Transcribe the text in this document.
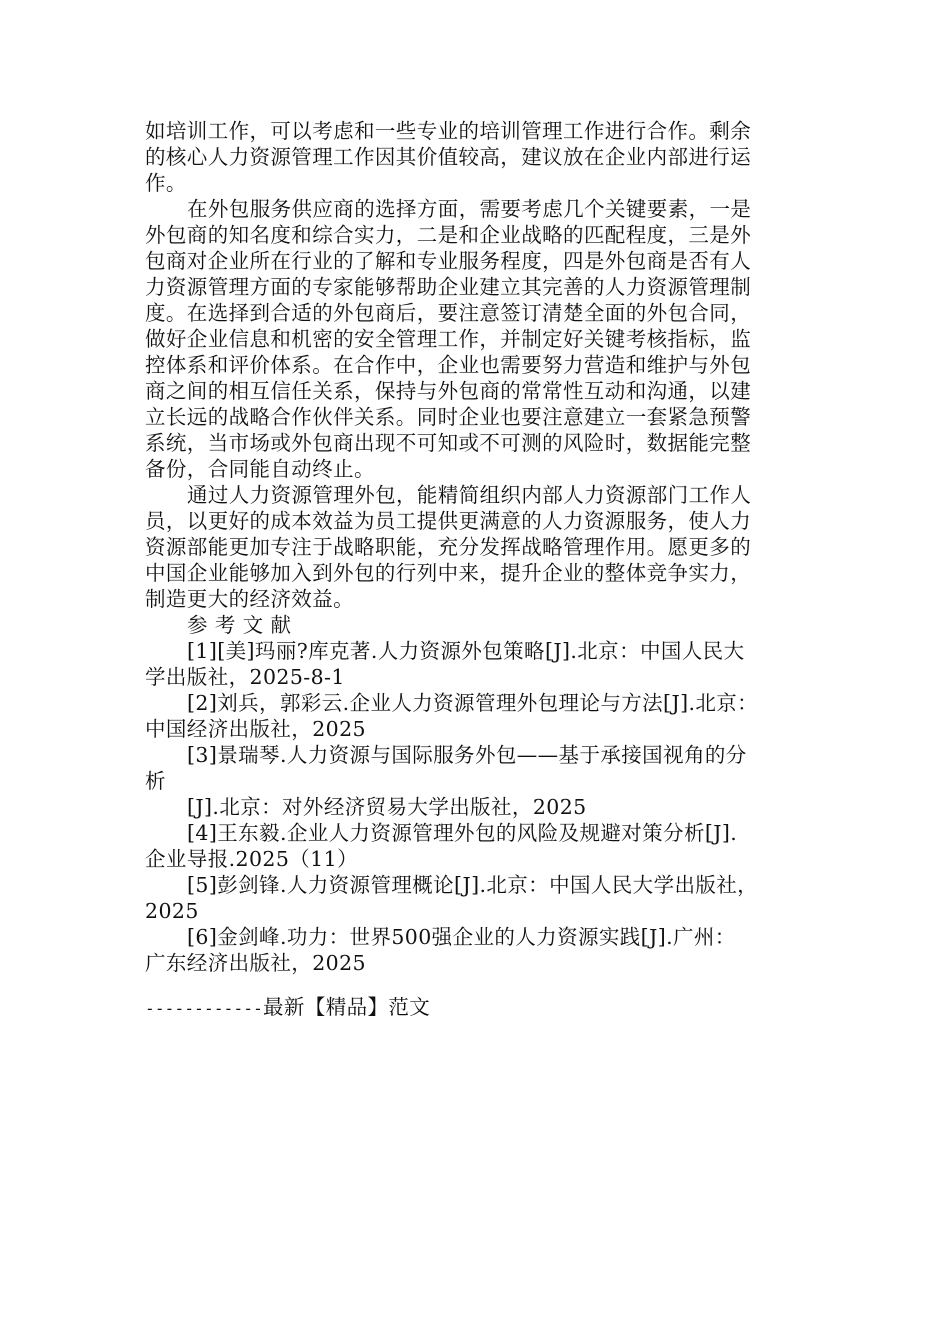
如培训工作，可以考虑和一些专业的培训管理工作进行合作。剩余
的核心人力资源管理工作因其价值较高，建议放在企业内部进行运
作。
在外包服务供应商的选择方面，需要考虑几个关键要素，一是
外包商的知名度和综合实力，二是和企业战略的匹配程度，三是外
包商对企业所在行业的了解和专业服务程度，四是外包商是否有人
力资源管理方面的专家能够帮助企业建立其完善的人力资源管理制
度。在选择到合适的外包商后，要注意签订清楚全面的外包合同，
做好企业信息和机密的安全管理工作，并制定好关键考核指标，监
控体系和评价体系。在合作中，企业也需要努力营造和维护与外包
商之间的相互信任关系，保持与外包商的常常性互动和沟通，以建
立长远的战略合作伙伴关系。同时企业也要注意建立一套紧急预警
系统，当市场或外包商出现不可知或不可测的风险时，数据能完整
备份，合同能自动终止。
通过人力资源管理外包，能精简组织内部人力资源部门工作人
员，以更好的成本效益为员工提供更满意的人力资源服务，使人力
资源部能更加专注于战略职能，充分发挥战略管理作用。愿更多的
中国企业能够加入到外包的行列中来，提升企业的整体竞争实力，
制造更大的经济效益。
参 考 文 献
[1][美]玛丽?库克著.人力资源外包策略[J].北京：中国人民大
学出版社，2025-8-1
[2]刘兵，郭彩云.企业人力资源管理外包理论与方法[J].北京：
中国经济出版社，2025
[3]景瑞琴.人力资源与国际服务外包——基于承接国视角的分
析
[J].北京：对外经济贸易大学出版社，2025
[4]王东毅.企业人力资源管理外包的风险及规避对策分析[J].
企业导报.2025（11）
[5]彭剑锋.人力资源管理概论[J].北京：中国人民大学出版社，
2025
[6]金剑峰.功力：世界500强企业的人力资源实践[J].广州：
广东经济出版社，2025
------------最新【精品】范文
